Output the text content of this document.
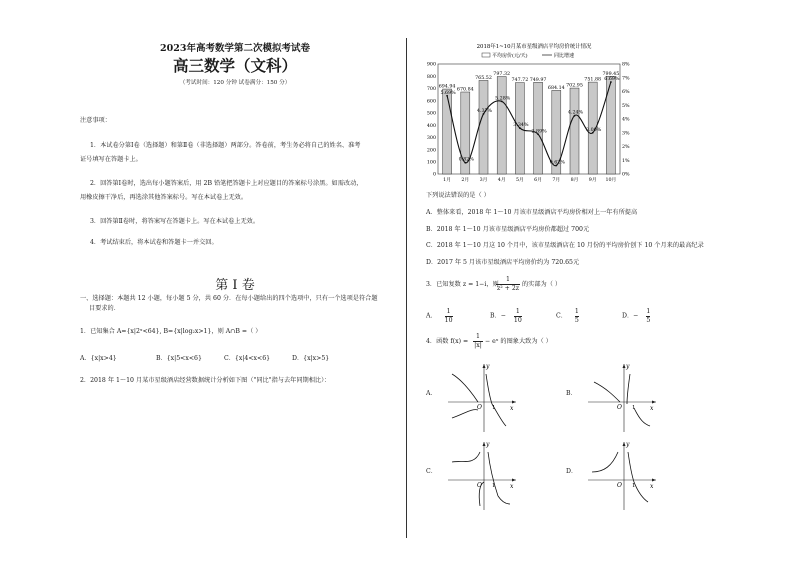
2023年高考数学第二次模拟考试卷
高三数学（文科）
（考试时间：120 分钟 试卷满分：150 分）
注意事项：
1．本试卷分第Ⅰ卷（选择题）和第Ⅱ卷（非选择题）两部分。答卷前，考生务必将自己的姓名、准考
证号填写在答题卡上。
2．回答第Ⅰ卷时，选出每小题答案后，用 2B 铅笔把答题卡上对应题目的答案标号涂黑。如需改动，
用橡皮擦干净后，再选涂其他答案标号。写在本试卷上无效。
3．回答第Ⅱ卷时，将答案写在答题卡上。写在本试卷上无效。
4．考试结束后，将本试卷和答题卡一并交回。
第 Ⅰ 卷
一、选择题：本题共 12 小题，每小题 5 分，共 60 分．在每小题给出的四个选项中，只有一个选项是符合题
目要求的．
1．已知集合 A={x|2ˣ<64}, B={x|log₂x>1}，则 A∩B =（ ）
A．{x|x>4}	B．{x|5<x<6}	C．{x|4<x<6}	D．{x|x>5}
2．2018 年 1～10 月某市星级酒店经营数据统计分析如下图（"同比"指与去年同期相比）：
2018年1~10月某市星级酒店平均房价统计情况
平均房价(元/天)	同比增速
0
100
200
300
400
500
600
700
800
900
0%
1%
2%
3%
4%
5%
6%
7%
8%
694.94
1月
670.84
2月
765.52
3月
797.32
4月
747.72
5月
749.97
6月
684.14
7月
702.95
8月
751.88
9月
799.45
10月
5.69%
0.82%
4.37%
5.28%
3.34%
2.89%
0.62%
4.24%
3.00%
6.69%
下列说法错误的是（ ）
A．整体来看，2018 年 1～10 月该市星级酒店平均房价相对上一年有所提高
B．2018 年 1～10 月该市星级酒店平均房价都超过 700元
C．2018 年 1～10 月这 10 个月中，该市星级酒店在 10 月份的平均房价创下 10 个月来的最高纪录
D．2017 年 5 月该市星级酒店平均房价约为 720.65元
3．已知复数 z = 1−i，则
$\frac{1}{\text{z² + 2z}}$ 的实部为（ ）
A． $\frac{1}{10}$	B．− $\frac{1}{10}$	C． $\frac{1}{5}$	D．− $\frac{1}{5}$
4．函数 $f(x) = \frac{1}{|x|}$ − eˣ 的图象大致为（ ）
A．
x
y
O 1
B．
x
y
O 1
C．
x
y
O 1
D．
x
y
O 1
